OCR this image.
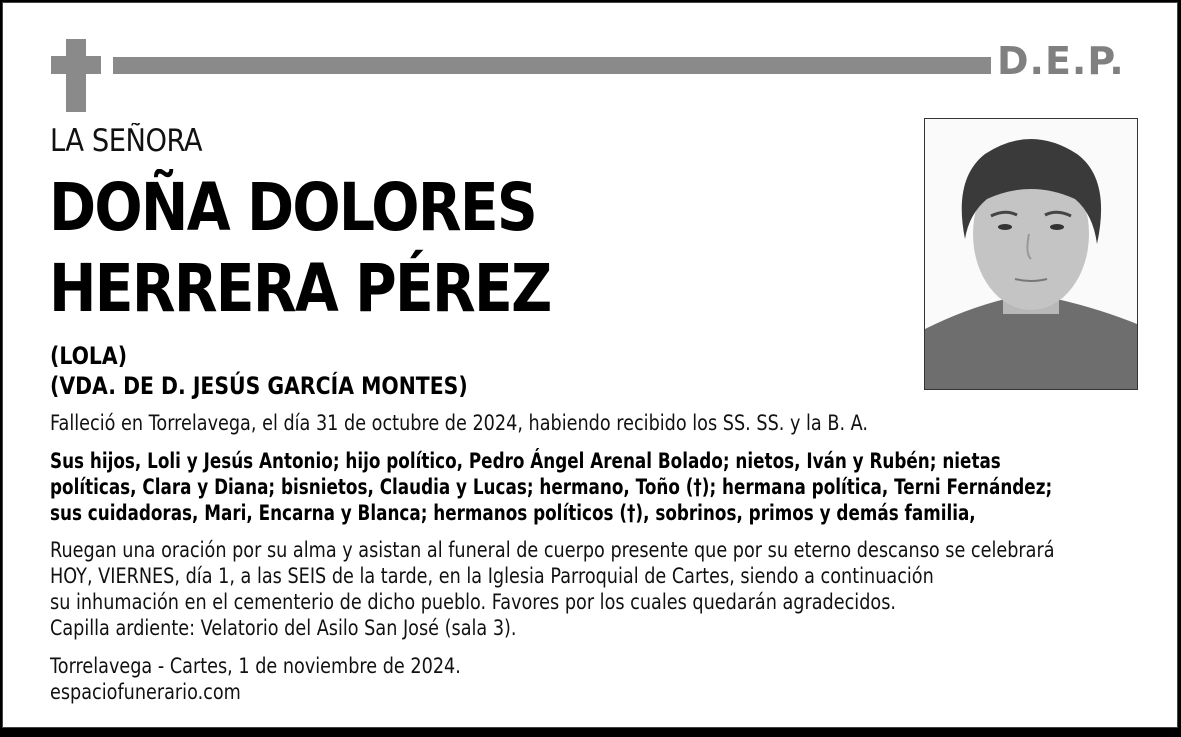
D.E.P.
LA SEÑORA
DOÑA DOLORES
HERRERA PÉREZ
(LOLA)
(VDA. DE D. JESÚS GARCÍA MONTES)
Falleció en Torrelavega, el día 31 de octubre de 2024, habiendo recibido los SS. SS. y la B. A.
Sus hijos, Loli y Jesús Antonio; hijo político, Pedro Ángel Arenal Bolado; nietos, Iván y Rubén; nietas
políticas, Clara y Diana; bisnietos, Claudia y Lucas; hermano, Toño (†); hermana política, Terni Fernández;
sus cuidadoras, Mari, Encarna y Blanca; hermanos políticos (†), sobrinos, primos y demás familia,
Ruegan una oración por su alma y asistan al funeral de cuerpo presente que por su eterno descanso se celebrará
HOY, VIERNES, día 1, a las SEIS de la tarde, en la Iglesia Parroquial de Cartes, siendo a continuación
su inhumación en el cementerio de dicho pueblo. Favores por los cuales quedarán agradecidos.
Capilla ardiente: Velatorio del Asilo San José (sala 3).
Torrelavega - Cartes, 1 de noviembre de 2024.
espaciofunerario.com
